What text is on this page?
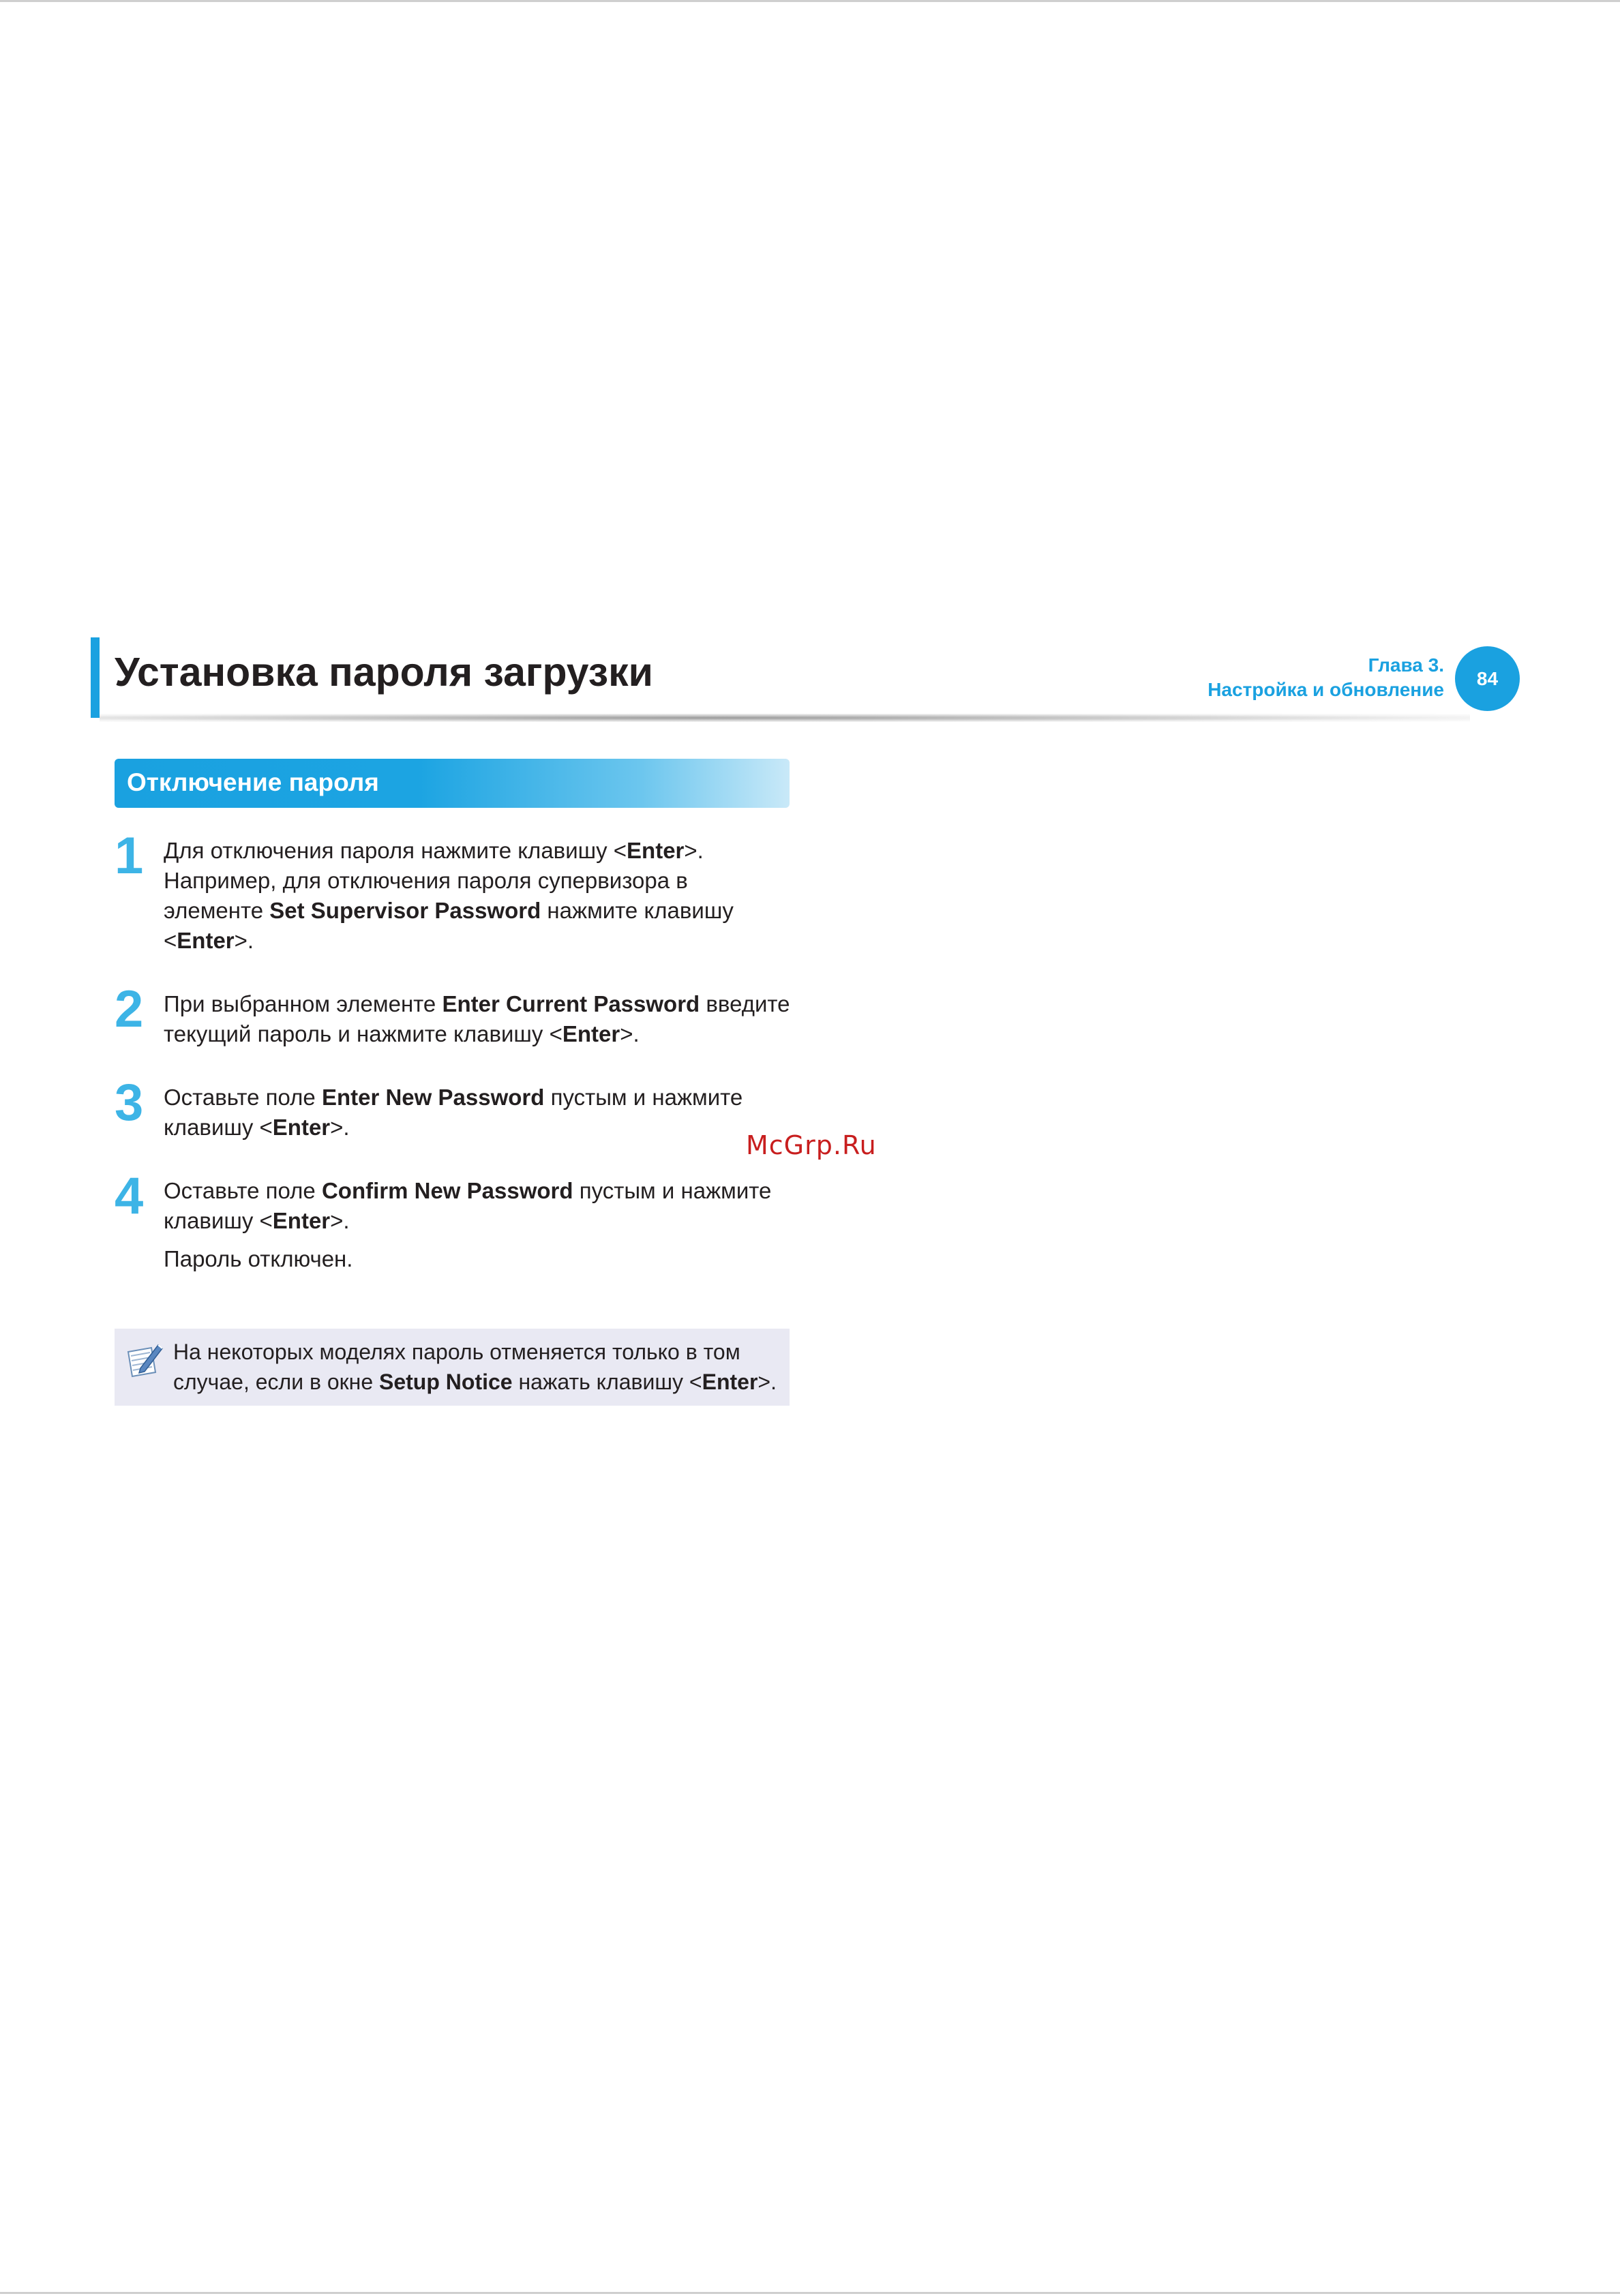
Установка пароля загрузки	Глава 3.
Настройка и обновление
84
Отключение пароля
1 Для отключения пароля нажмите клавишу <Enter>. Например, для отключения пароля супервизора в элементе Set Supervisor Password нажмите клавишу <Enter>.
2 При выбранном элементе Enter Current Password введите текущий пароль и нажмите клавишу <Enter>.
3 Оставьте поле Enter New Password пустым и нажмите клавишу <Enter>.
4 Оставьте поле Confirm New Password пустым и нажмите клавишу <Enter>.
Пароль отключен.
McGrp.Ru
На некоторых моделях пароль отменяется только в том случае, если в окне Setup Notice нажать клавишу <Enter>.
